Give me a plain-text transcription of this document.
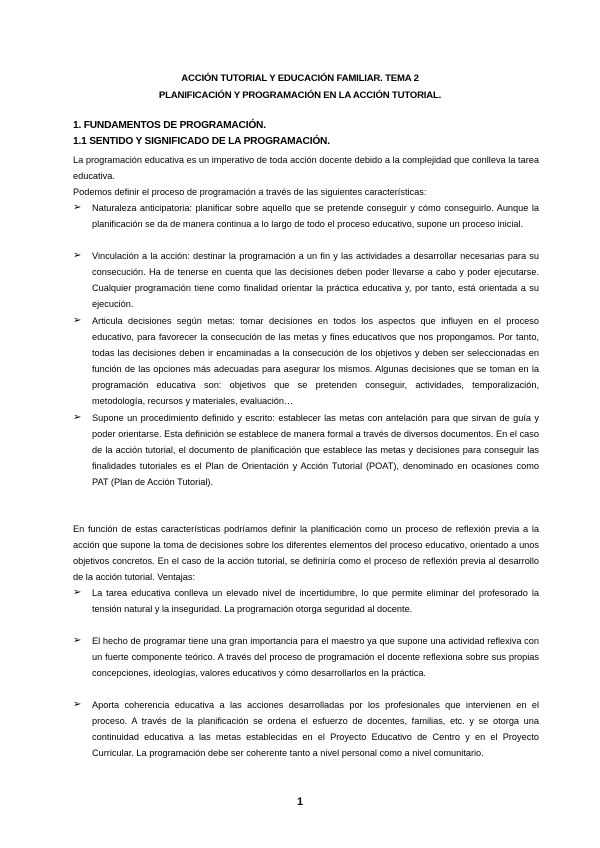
ACCIÓN TUTORIAL Y EDUCACIÓN FAMILIAR. TEMA 2
PLANIFICACIÓN Y PROGRAMACIÓN EN LA ACCIÓN TUTORIAL.
1. FUNDAMENTOS DE PROGRAMACIÓN.
1.1 SENTIDO Y SIGNIFICADO DE LA PROGRAMACIÓN.
La programación educativa es un imperativo de toda acción docente debido a la complejidad que conlleva la tarea educativa.
Podemos definir el proceso de programación a través de las siguientes características:
➢ Naturaleza anticipatoria: planificar sobre aquello que se pretende conseguir y cómo conseguirlo. Aunque la planificación se da de manera continua a lo largo de todo el proceso educativo, supone un proceso inicial.
➢ Vinculación a la acción: destinar la programación a un fin y las actividades a desarrollar necesarias para su consecución. Ha de tenerse en cuenta que las decisiones deben poder llevarse a cabo y poder ejecutarse. Cualquier programación tiene como finalidad orientar la práctica educativa y, por tanto, está orientada a su ejecución.
➢ Articula decisiones según metas: tomar decisiones en todos los aspectos que influyen en el proceso educativo, para favorecer la consecución de las metas y fines educativos que nos propongamos. Por tanto, todas las decisiones deben ir encaminadas a la consecución de los objetivos y deben ser seleccionadas en función de las opciones más adecuadas para asegurar los mismos. Algunas decisiones que se toman en la programación educativa son: objetivos que se pretenden conseguir, actividades, temporalización, metodología, recursos y materiales, evaluación…
➢ Supone un procedimiento definido y escrito: establecer las metas con antelación para que sirvan de guía y poder orientarse. Esta definición se establece de manera formal a través de diversos documentos. En el caso de la acción tutorial, el documento de planificación que establece las metas y decisiones para conseguir las finalidades tutoriales es el Plan de Orientación y Acción Tutorial (POAT), denominado en ocasiones como PAT (Plan de Acción Tutorial).
En función de estas características podríamos definir la planificación como un proceso de reflexión previa a la acción que supone la toma de decisiones sobre los diferentes elementos del proceso educativo, orientado a unos objetivos concretos. En el caso de la acción tutorial, se definiría como el proceso de reflexión previa al desarrollo de la acción tutorial. Ventajas:
➢ La tarea educativa conlleva un elevado nivel de incertidumbre, lo que permite eliminar del profesorado la tensión natural y la inseguridad. La programación otorga seguridad al docente.
➢ El hecho de programar tiene una gran importancia para el maestro ya que supone una actividad reflexiva con un fuerte componente teórico. A través del proceso de programación el docente reflexiona sobre sus propias concepciones, ideologías, valores educativos y cómo desarrollarlos en la práctica.
➢ Aporta coherencia educativa a las acciones desarrolladas por los profesionales que intervienen en el proceso. A través de la planificación se ordena el esfuerzo de docentes, familias, etc. y se otorga una continuidad educativa a las metas establecidas en el Proyecto Educativo de Centro y en el Proyecto Curricular. La programación debe ser coherente tanto a nivel personal como a nivel comunitario.
1
